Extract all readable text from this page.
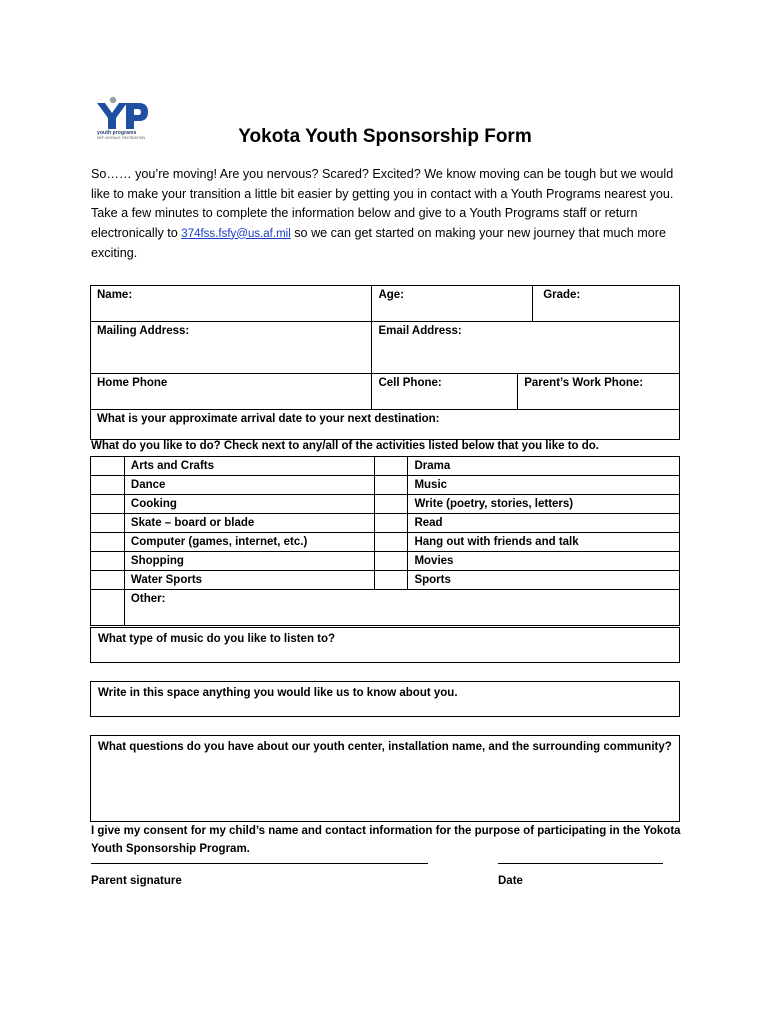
youth programs
DEF. MORALE, RECREATION	Yokota Youth Sponsorship Form
So…… you’re moving! Are you nervous? Scared? Excited? We know moving can be tough but we would like to make your transition a little bit easier by getting you in contact with a Youth Programs nearest you. Take a few minutes to complete the information below and give to a Youth Programs staff or return electronically to 374fss.fsfy@us.af.mil so we can get started on making your new journey that much more exciting.
Name:	Age:		Grade:
Mailing Address:	Email Address:		
Home Phone	Cell Phone:	Parent’s Work Phone:	
What is your approximate arrival date to your next destination:			
What do you like to do? Check next to any/all of the activities listed below that you like to do.
	Arts and Crafts		Drama
	Dance		Music
	Cooking		Write (poetry, stories, letters)
	Skate – board or blade		Read
	Computer (games, internet, etc.)		Hang out with friends and talk
	Shopping		Movies
	Water Sports		Sports
	Other:		
What type of music do you like to listen to?
Write in this space anything you would like us to know about you.
What questions do you have about our youth center, installation name, and the surrounding community?
I give my consent for my child’s name and contact information for the purpose of participating in the Yokota Youth Sponsorship Program.
Parent signature	Date
